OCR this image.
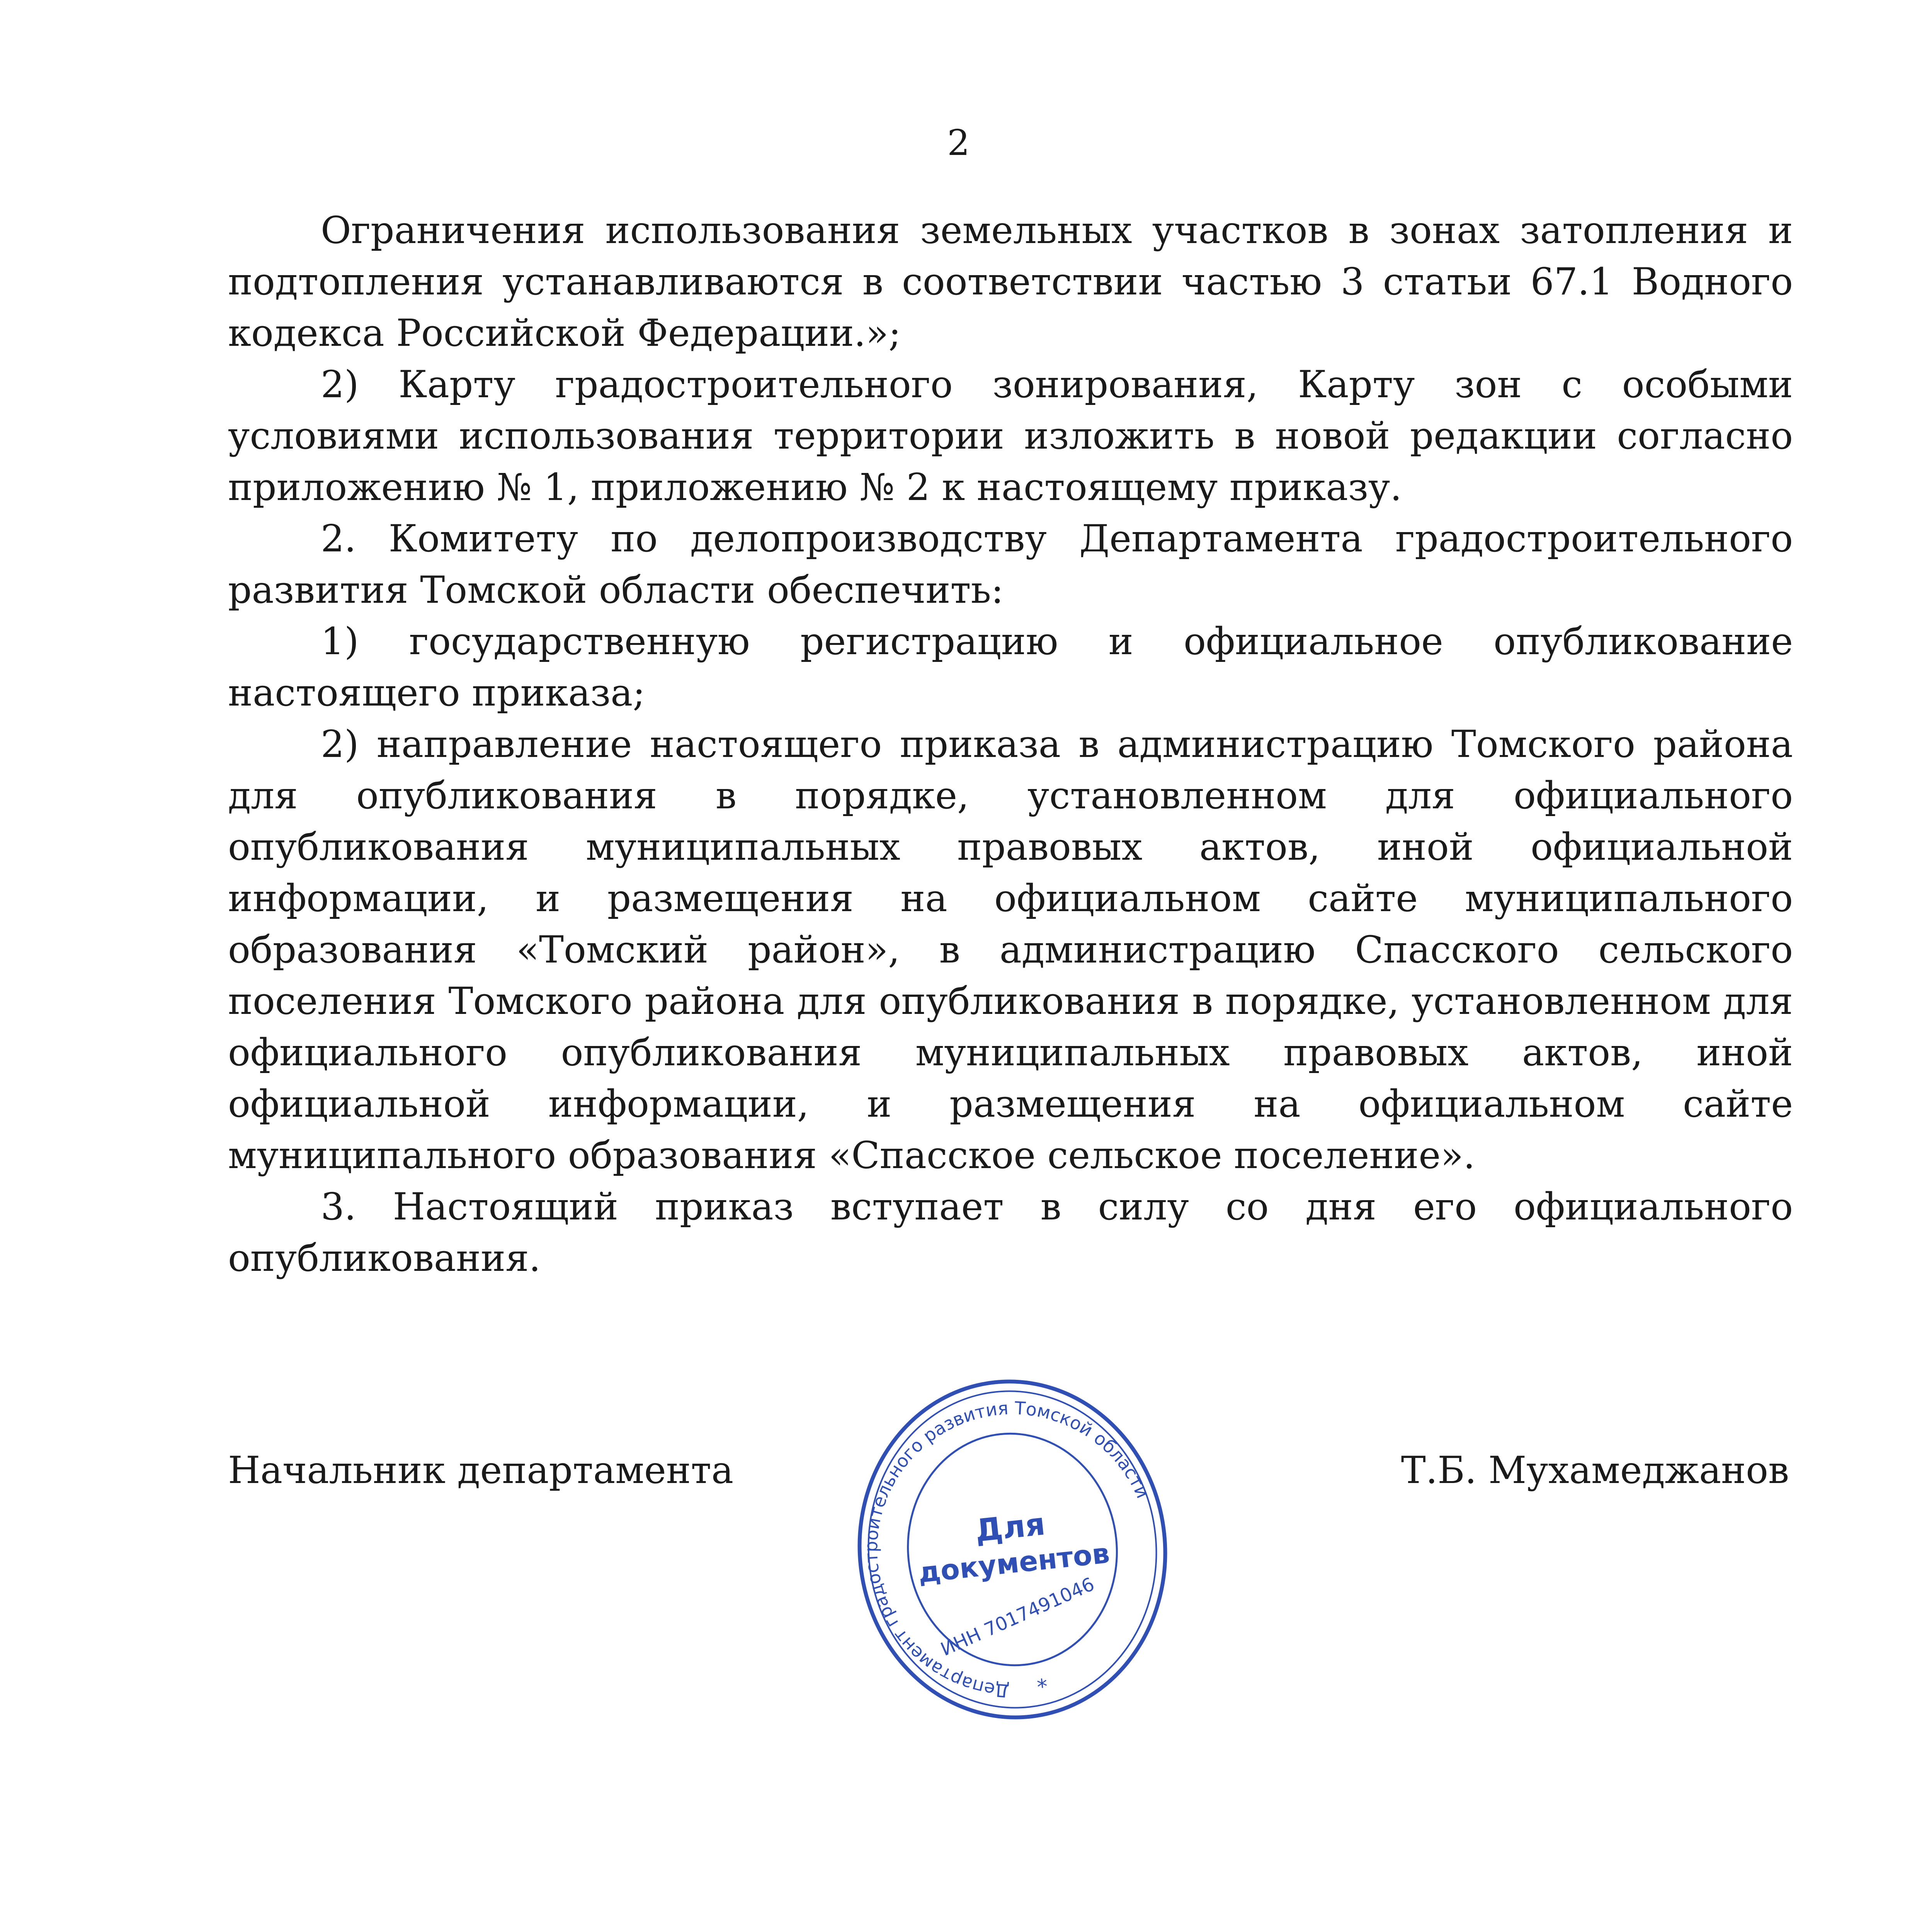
2

Ограничения использования земельных участков в зонах затопления и подтопления устанавливаются в соответствии частью 3 статьи 67.1 Водного кодекса Российской Федерации.»;

2) Карту градостроительного зонирования, Карту зон с особыми условиями использования территории изложить в новой редакции согласно приложению № 1, приложению № 2 к настоящему приказу.

2. Комитету по делопроизводству Департамента градостроительного развития Томской области обеспечить:

1) государственную регистрацию и официальное опубликование настоящего приказа;

2) направление настоящего приказа в администрацию Томского района для опубликования в порядке, установленном для официального опубликования муниципальных правовых актов, иной официальной информации, и размещения на официальном сайте муниципального образования «Томский район», в администрацию Спасского сельского поселения Томского района для опубликования в порядке, установленном для официального опубликования муниципальных правовых актов, иной официальной информации, и размещения на официальном сайте муниципального образования «Спасское сельское поселение».

3. Настоящий приказ вступает в силу со дня его официального опубликования.

Начальник департамента	Т.Б. Мухамеджанов
Департамент градостроительного развития Томской области
Для
документов
ИНН 7017491046
*
